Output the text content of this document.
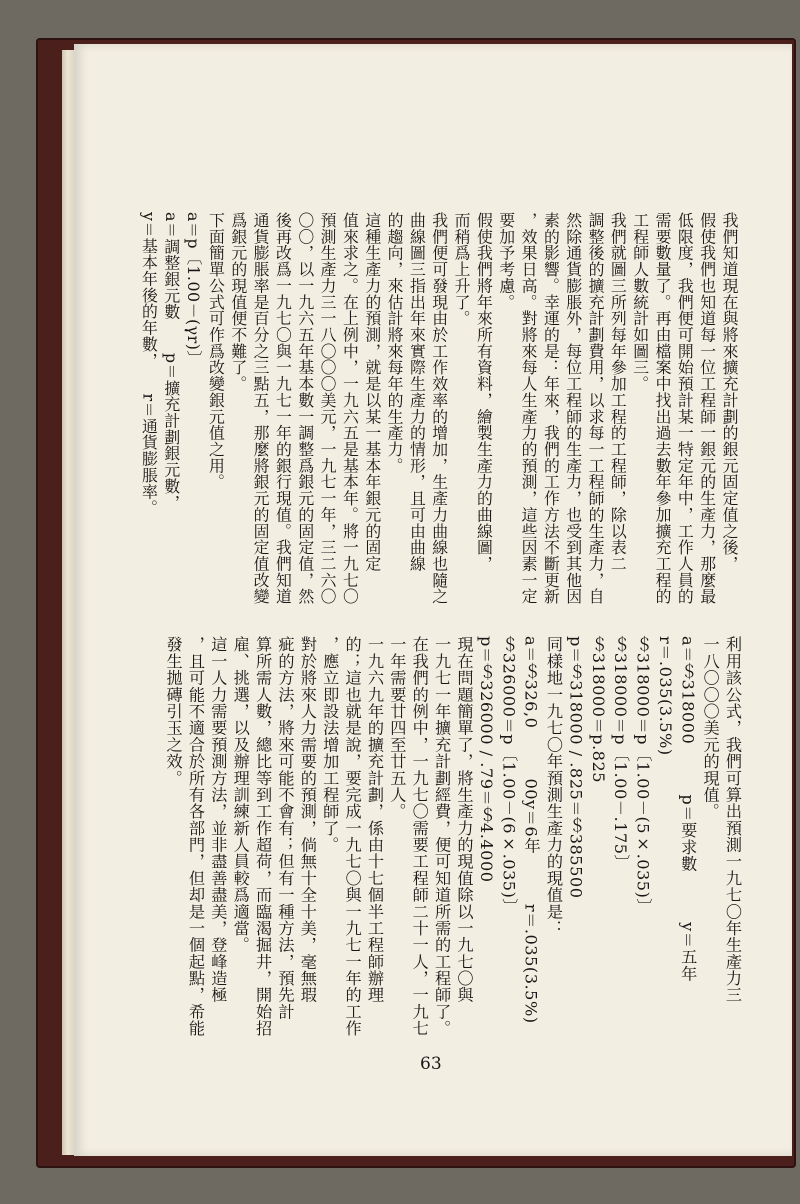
我們知道現在與將來擴充計劃的銀元固定值之後，

假使我們也知道每一位工程師一銀元的生產力，那麼最

低限度，我們便可開始預計某一特定年中，工作人員的

需要數量了。再由檔案中找出過去數年參加擴充工程的

工程師人數統計如圖三。

我們就圖三所列每年參加工程的工程師，除以表二

調整後的擴充計劃費用，以求每一工程師的生產力，自

然除通貨膨脹外，每位工程師的生產力，也受到其他因

素的影響。幸運的是：年來，我們的工作方法不斷更新

，效果日高。對將來每人生產力的預測，這些因素一定

要加予考慮。

假使我們將年來所有資料，繪製生產力的曲線圖，

而稍爲上升了。

我們便可發現由於工作效率的增加，生產力曲線也隨之

曲線圖三指出年來實際生產力的情形，且可由曲線

的趨向，來估計將來每年的生產力。

這種生產力的預測，就是以某一基本年銀元的固定

值來求之。在上例中，一九六五是基本年。將一九七〇

預測生產力三一八〇〇〇美元，一九七一年，三二六〇

〇〇，以一九六五年基本數一調整爲銀元的固定值，然

後再改爲一九七〇與一九七一年的銀行現值。我們知道

通貨膨脹率是百分之三點五，那麼將銀元的固定值改變

爲銀元的現值便不難了。

下面簡單公式可作爲改變銀元值之用。

a＝p〔1.00－(γr)〕

a＝調整銀元數　　p＝擴充計劃銀元數，

y＝基本年後的年數，　　r＝通貨膨脹率。

利用該公式，我們可算出預測一九七〇年生產力三

一八〇〇〇美元的現值。

a＝＄318000　　　p＝要求數　　　y＝五年

r＝.035(3.5%)

＄318000＝p〔1.00－(5×.035)〕

＄318000＝p〔1.00－.175〕

＄318000＝p.825

p＝＄318000 / .825＝＄385500

同樣地一九七〇年預測生產力的現值是：

a＝＄326,0　　　00y＝6年　　　r＝.035(3.5%)

＄326000＝p〔1.00－(6×.035)〕

p＝＄326000 / .79＝＄4.4000

現在問題簡單了，將生產力的現值除以一九七〇與

一九七一年擴充計劃經費，便可知道所需的工程師了。

在我們的例中，一九七〇需要工程師二十一人，一九七

一年需要廿四至廿五人。

一九六九年的擴充計劃，係由十七個半工程師辦理

的；這也就是說，要完成一九七〇與一九七一年的工作

，應立即設法增加工程師了。

對於將來人力需要的預測，倘無十全十美，毫無瑕

疵的方法，將來可能不會有；但有一種方法，預先計

算所需人數，總比等到工作超荷，而臨渴掘井，開始招

雇、挑選，以及辦理訓練新人員較爲適當。

這一人力需要預測方法，並非盡善盡美，登峰造極

，且可能不適合於所有各部門，但却是一個起點，希能

發生拋磚引玉之效。

63
